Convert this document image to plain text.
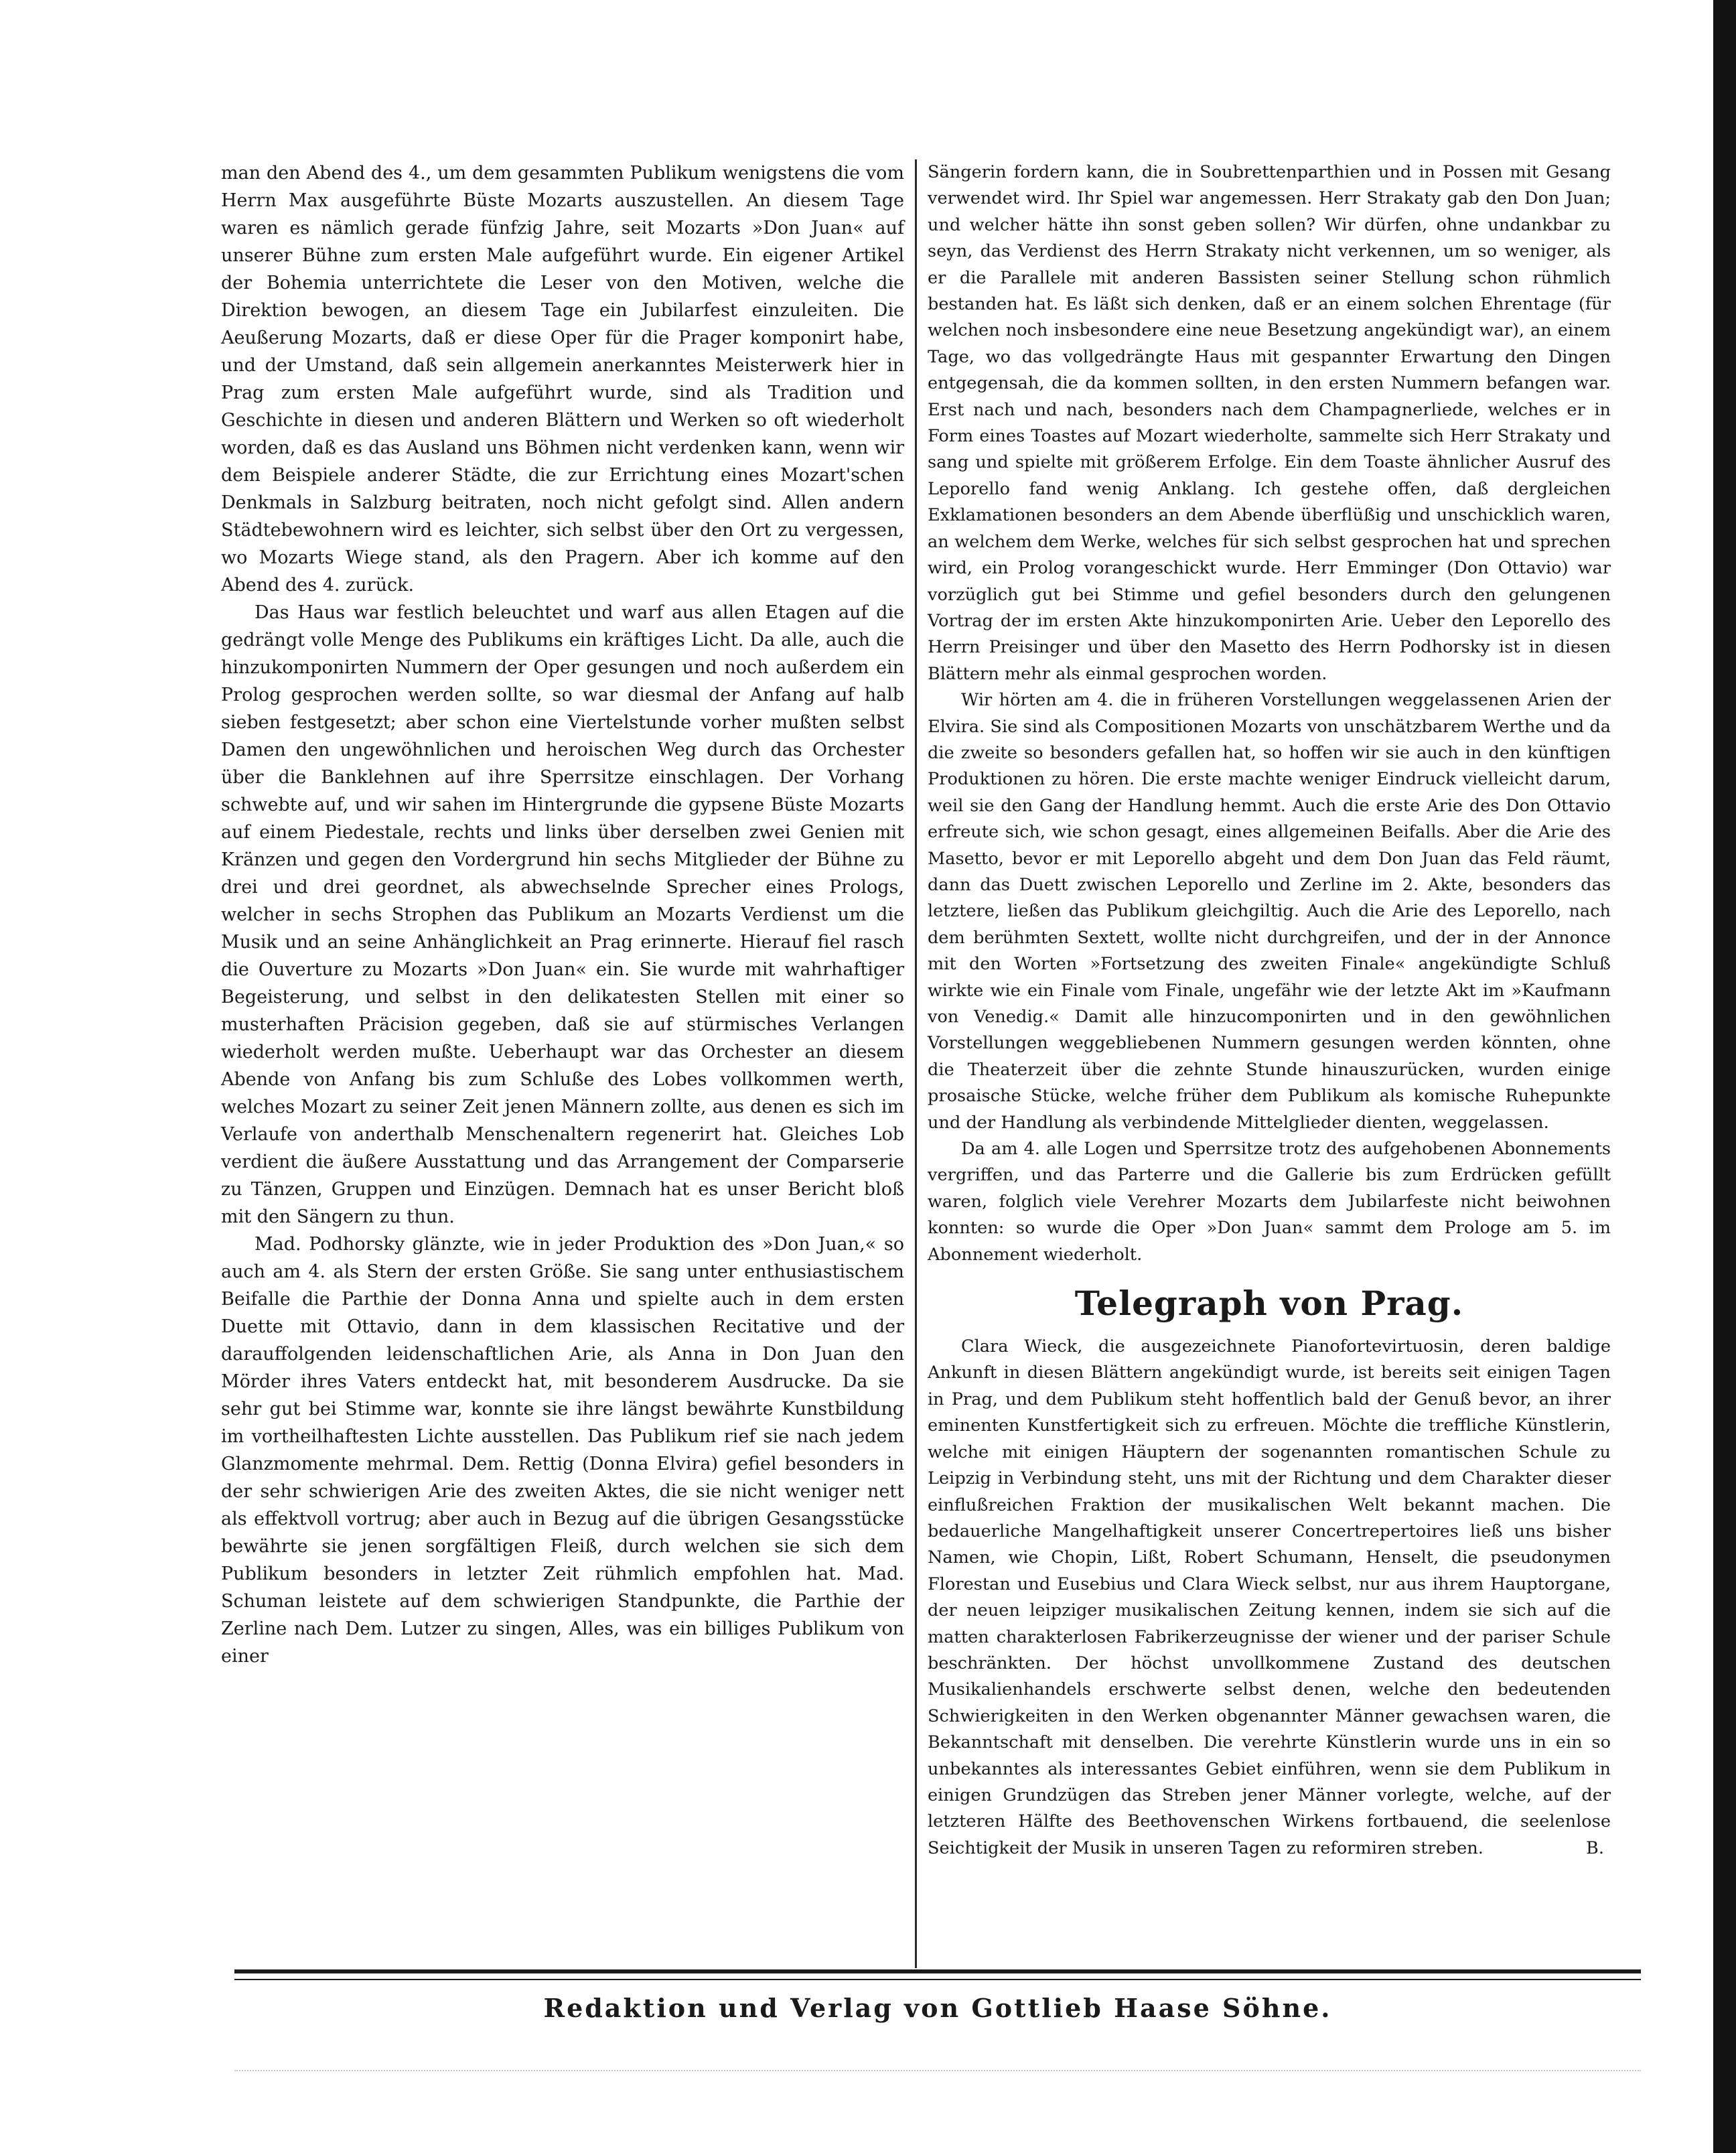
man den Abend des 4., um dem gesammten Publikum wenigstens die vom Herrn Max ausgeführte Büste Mozarts auszustellen. An diesem Tage waren es nämlich gerade fünfzig Jahre, seit Mozarts »Don Juan« auf unserer Bühne zum ersten Male aufgeführt wurde. Ein eigener Artikel der Bohemia unterrichtete die Leser von den Motiven, welche die Direktion bewogen, an diesem Tage ein Jubilarfest einzuleiten. Die Aeußerung Mozarts, daß er diese Oper für die Prager komponirt habe, und der Umstand, daß sein allgemein anerkanntes Meisterwerk hier in Prag zum ersten Male aufgeführt wurde, sind als Tradition und Geschichte in diesen und anderen Blättern und Werken so oft wiederholt worden, daß es das Ausland uns Böhmen nicht verdenken kann, wenn wir dem Beispiele anderer Städte, die zur Errichtung eines Mozart'schen Denkmals in Salzburg beitraten, noch nicht gefolgt sind. Allen andern Städtebewohnern wird es leichter, sich selbst über den Ort zu vergessen, wo Mozarts Wiege stand, als den Pragern. Aber ich komme auf den Abend des 4. zurück.

Das Haus war festlich beleuchtet und warf aus allen Etagen auf die gedrängt volle Menge des Publikums ein kräftiges Licht. Da alle, auch die hinzukomponirten Nummern der Oper gesungen und noch außerdem ein Prolog gesprochen werden sollte, so war diesmal der Anfang auf halb sieben festgesetzt; aber schon eine Viertelstunde vorher mußten selbst Damen den ungewöhnlichen und heroischen Weg durch das Orchester über die Banklehnen auf ihre Sperrsitze einschlagen. Der Vorhang schwebte auf, und wir sahen im Hintergrunde die gypsene Büste Mozarts auf einem Piedestale, rechts und links über derselben zwei Genien mit Kränzen und gegen den Vordergrund hin sechs Mitglieder der Bühne zu drei und drei geordnet, als abwechselnde Sprecher eines Prologs, welcher in sechs Strophen das Publikum an Mozarts Verdienst um die Musik und an seine Anhänglichkeit an Prag erinnerte. Hierauf fiel rasch die Ouverture zu Mozarts »Don Juan« ein. Sie wurde mit wahrhaftiger Begeisterung, und selbst in den delikatesten Stellen mit einer so musterhaften Präcision gegeben, daß sie auf stürmisches Verlangen wiederholt werden mußte. Ueberhaupt war das Orchester an diesem Abende von Anfang bis zum Schluße des Lobes vollkommen werth, welches Mozart zu seiner Zeit jenen Männern zollte, aus denen es sich im Verlaufe von anderthalb Menschenaltern regenerirt hat. Gleiches Lob verdient die äußere Ausstattung und das Arrangement der Comparserie zu Tänzen, Gruppen und Einzügen. Demnach hat es unser Bericht bloß mit den Sängern zu thun.

Mad. Podhorsky glänzte, wie in jeder Produktion des »Don Juan,« so auch am 4. als Stern der ersten Größe. Sie sang unter enthusiastischem Beifalle die Parthie der Donna Anna und spielte auch in dem ersten Duette mit Ottavio, dann in dem klassischen Recitative und der darauffolgenden leidenschaftlichen Arie, als Anna in Don Juan den Mörder ihres Vaters entdeckt hat, mit besonderem Ausdrucke. Da sie sehr gut bei Stimme war, konnte sie ihre längst bewährte Kunstbildung im vortheilhaftesten Lichte ausstellen. Das Publikum rief sie nach jedem Glanzmomente mehrmal. Dem. Rettig (Donna Elvira) gefiel besonders in der sehr schwierigen Arie des zweiten Aktes, die sie nicht weniger nett als effektvoll vortrug; aber auch in Bezug auf die übrigen Gesangsstücke bewährte sie jenen sorgfältigen Fleiß, durch welchen sie sich dem Publikum besonders in letzter Zeit rühmlich empfohlen hat. Mad. Schuman leistete auf dem schwierigen Standpunkte, die Parthie der Zerline nach Dem. Lutzer zu singen, Alles, was ein billiges Publikum von einer

Sängerin fordern kann, die in Soubrettenparthien und in Possen mit Gesang verwendet wird. Ihr Spiel war angemessen. Herr Strakaty gab den Don Juan; und welcher hätte ihn sonst geben sollen? Wir dürfen, ohne undankbar zu seyn, das Verdienst des Herrn Strakaty nicht verkennen, um so weniger, als er die Parallele mit anderen Bassisten seiner Stellung schon rühmlich bestanden hat. Es läßt sich denken, daß er an einem solchen Ehrentage (für welchen noch insbesondere eine neue Besetzung angekündigt war), an einem Tage, wo das vollgedrängte Haus mit gespannter Erwartung den Dingen entgegensah, die da kommen sollten, in den ersten Nummern befangen war. Erst nach und nach, besonders nach dem Champagnerliede, welches er in Form eines Toastes auf Mozart wiederholte, sammelte sich Herr Strakaty und sang und spielte mit größerem Erfolge. Ein dem Toaste ähnlicher Ausruf des Leporello fand wenig Anklang. Ich gestehe offen, daß dergleichen Exklamationen besonders an dem Abende überflüßig und unschicklich waren, an welchem dem Werke, welches für sich selbst gesprochen hat und sprechen wird, ein Prolog vorangeschickt wurde. Herr Emminger (Don Ottavio) war vorzüglich gut bei Stimme und gefiel besonders durch den gelungenen Vortrag der im ersten Akte hinzukomponirten Arie. Ueber den Leporello des Herrn Preisinger und über den Masetto des Herrn Podhorsky ist in diesen Blättern mehr als einmal gesprochen worden.

Wir hörten am 4. die in früheren Vorstellungen weggelassenen Arien der Elvira. Sie sind als Compositionen Mozarts von unschätzbarem Werthe und da die zweite so besonders gefallen hat, so hoffen wir sie auch in den künftigen Produktionen zu hören. Die erste machte weniger Eindruck vielleicht darum, weil sie den Gang der Handlung hemmt. Auch die erste Arie des Don Ottavio erfreute sich, wie schon gesagt, eines allgemeinen Beifalls. Aber die Arie des Masetto, bevor er mit Leporello abgeht und dem Don Juan das Feld räumt, dann das Duett zwischen Leporello und Zerline im 2. Akte, besonders das letztere, ließen das Publikum gleichgiltig. Auch die Arie des Leporello, nach dem berühmten Sextett, wollte nicht durchgreifen, und der in der Annonce mit den Worten »Fortsetzung des zweiten Finale« angekündigte Schluß wirkte wie ein Finale vom Finale, ungefähr wie der letzte Akt im »Kaufmann von Venedig.« Damit alle hinzucomponirten und in den gewöhnlichen Vorstellungen weggebliebenen Nummern gesungen werden könnten, ohne die Theaterzeit über die zehnte Stunde hinauszurücken, wurden einige prosaische Stücke, welche früher dem Publikum als komische Ruhepunkte und der Handlung als verbindende Mittelglieder dienten, weggelassen.

Da am 4. alle Logen und Sperrsitze trotz des aufgehobenen Abonnements vergriffen, und das Parterre und die Gallerie bis zum Erdrücken gefüllt waren, folglich viele Verehrer Mozarts dem Jubilarfeste nicht beiwohnen konnten: so wurde die Oper »Don Juan« sammt dem Prologe am 5. im Abonnement wiederholt.

Telegraph von Prag.

Clara Wieck, die ausgezeichnete Pianofortevirtuosin, deren baldige Ankunft in diesen Blättern angekündigt wurde, ist bereits seit einigen Tagen in Prag, und dem Publikum steht hoffentlich bald der Genuß bevor, an ihrer eminenten Kunstfertigkeit sich zu erfreuen. Möchte die treffliche Künstlerin, welche mit einigen Häuptern der sogenannten romantischen Schule zu Leipzig in Verbindung steht, uns mit der Richtung und dem Charakter dieser einflußreichen Fraktion der musikalischen Welt bekannt machen. Die bedauerliche Mangelhaftigkeit unserer Concertrepertoires ließ uns bisher Namen, wie Chopin, Lißt, Robert Schumann, Henselt, die pseudonymen Florestan und Eusebius und Clara Wieck selbst, nur aus ihrem Hauptorgane, der neuen leipziger musikalischen Zeitung kennen, indem sie sich auf die matten charakterlosen Fabrikerzeugnisse der wiener und der pariser Schule beschränkten. Der höchst unvollkommene Zustand des deutschen Musikalienhandels erschwerte selbst denen, welche den bedeutenden Schwierigkeiten in den Werken obgenannter Männer gewachsen waren, die Bekanntschaft mit denselben. Die verehrte Künstlerin wurde uns in ein so unbekanntes als interessantes Gebiet einführen, wenn sie dem Publikum in einigen Grundzügen das Streben jener Männer vorlegte, welche, auf der letzteren Hälfte des Beethovenschen Wirkens fortbauend, die seelenlose Seichtigkeit der Musik in unseren Tagen zu reformiren streben.	B.

Redaktion und Verlag von Gottlieb Haase Söhne.
